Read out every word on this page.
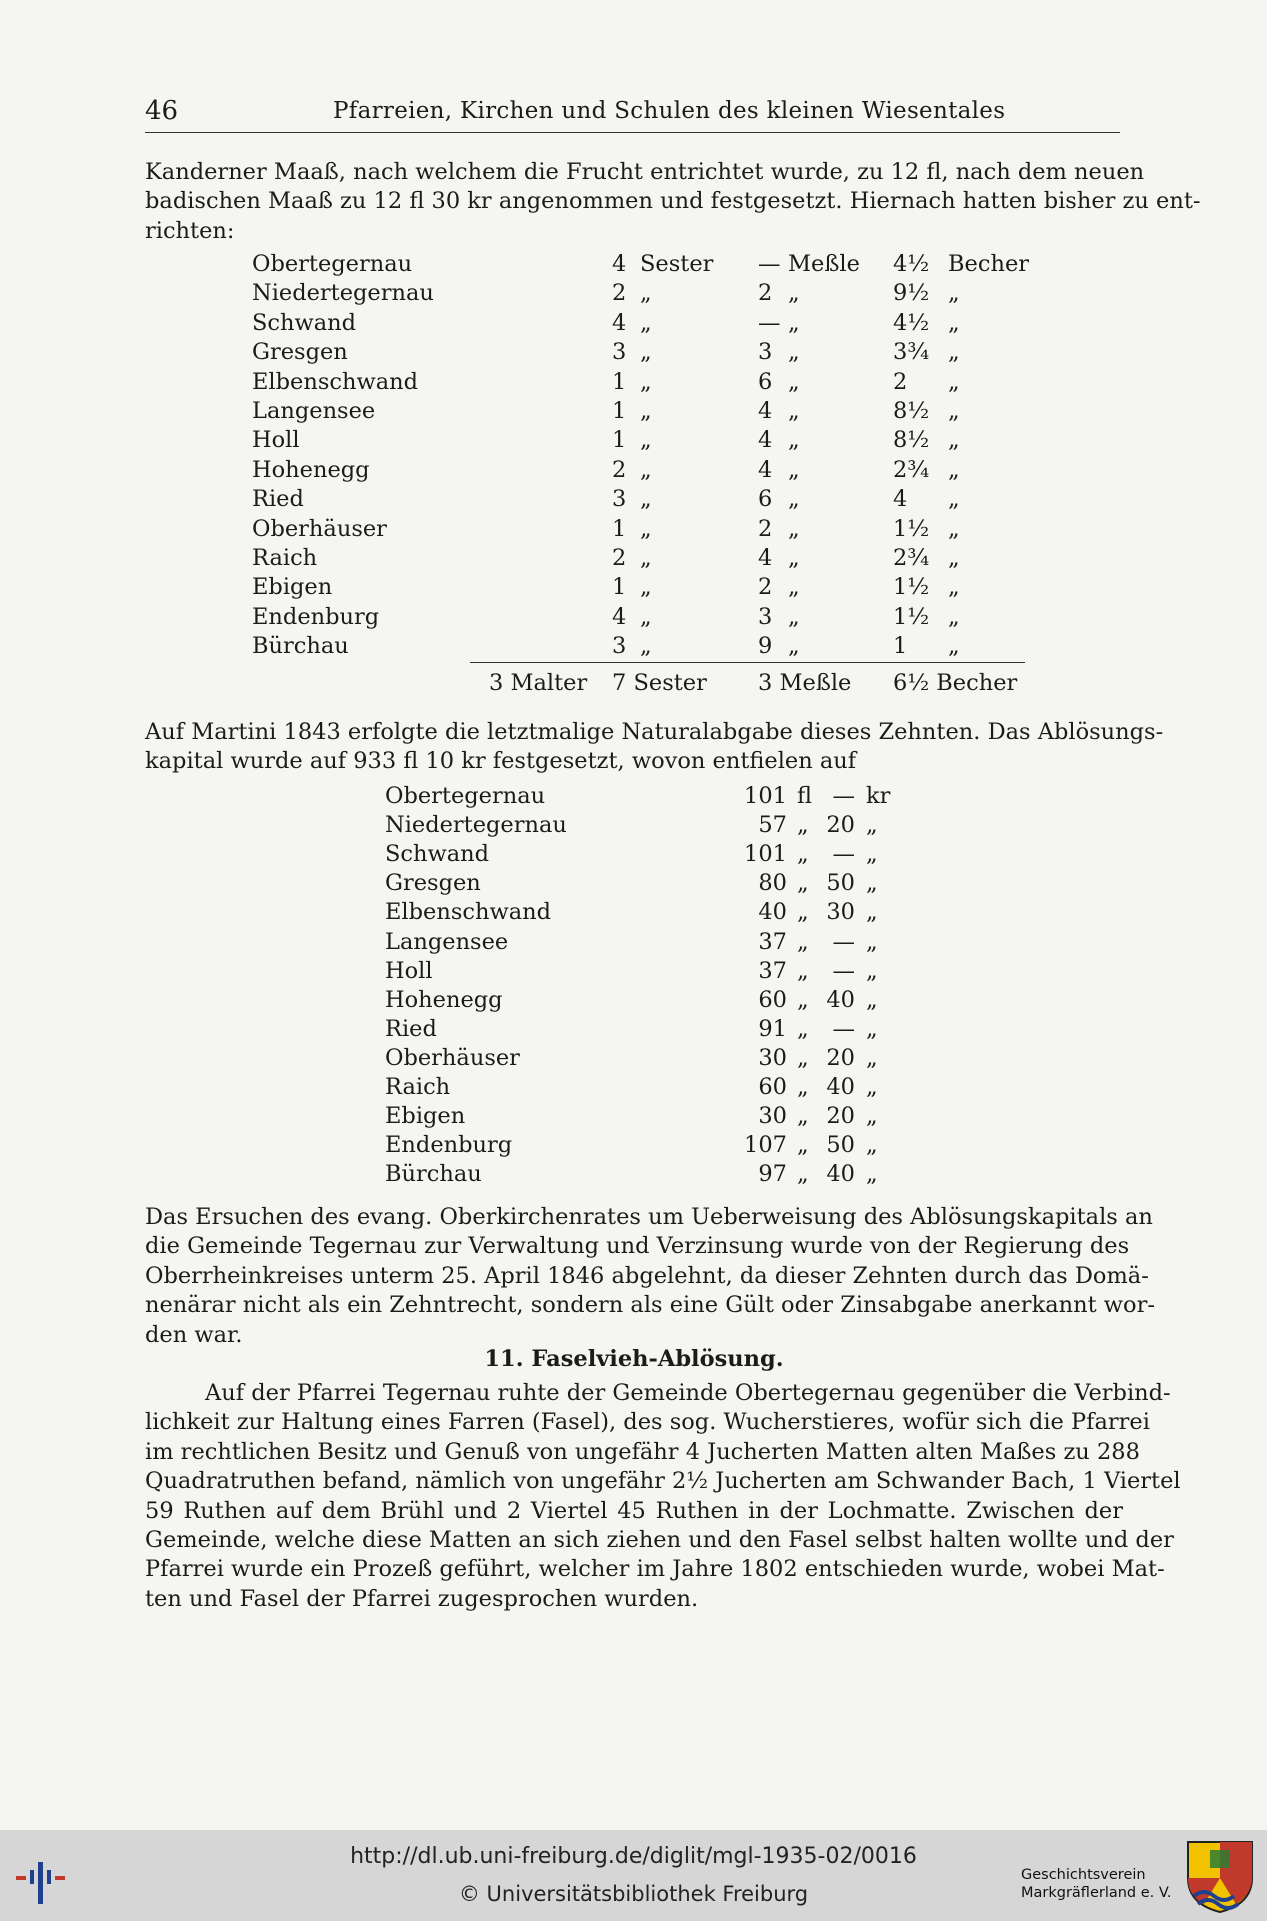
46	Pfarreien, Kirchen und Schulen des kleinen Wiesentales
Kanderner Maaß, nach welchem die Frucht entrichtet wurde, zu 12 fl, nach dem neuen
badischen Maaß zu 12 fl 30 kr angenommen und festgesetzt. Hiernach hatten bisher zu ent-
richten:
Obertegernau	4 Sester — Meßle 4½ Becher
Niedertegernau	2 „	2 „	9½ „
Schwand	4 „	— „	4½ „
Gresgen	3 „	3 „	3¾ „
Elbenschwand	1 „	6 „	2 „
Langensee	1 „	4 „	8½ „
Holl	1 „	4 „	8½ „
Hohenegg	2 „	4 „	2¾ „
Ried	3 „	6 „	4 „
Oberhäuser	1 „	2 „	1½ „
Raich	2 „	4 „	2¾ „
Ebigen	1 „	2 „	1½ „
Endenburg	4 „	3 „	1½ „
Bürchau	3 „	9 „	1 „
3 Malter 7 Sester 3 Meßle 6½ Becher
Auf Martini 1843 erfolgte die letztmalige Naturalabgabe dieses Zehnten. Das Ablösungs-
kapital wurde auf 933 fl 10 kr festgesetzt, wovon entfielen auf
Obertegernau	101 fl — kr
Niedertegernau	57 „ 20 „
Schwand	101 „	— „
Gresgen	80 „ 50 „
Elbenschwand	40 „ 30 „
Langensee	37 „	— „
Holl	37 „	— „
Hohenegg	60 „ 40 „
Ried	91 „	— „
Oberhäuser	30 „ 20 „
Raich	60 „ 40 „
Ebigen	30 „ 20 „
Endenburg	107 „ 50 „
Bürchau	97 „ 40 „
Das Ersuchen des evang. Oberkirchenrates um Ueberweisung des Ablösungskapitals an
die Gemeinde Tegernau zur Verwaltung und Verzinsung wurde von der Regierung des
Oberrheinkreises unterm 25. April 1846 abgelehnt, da dieser Zehnten durch das Domä-
nenärar nicht als ein Zehntrecht, sondern als eine Gült oder Zinsabgabe anerkannt wor-
den war.
11. Faselvieh-Ablösung.
Auf der Pfarrei Tegernau ruhte der Gemeinde Obertegernau gegenüber die Verbind-
lichkeit zur Haltung eines Farren (Fasel), des sog. Wucherstieres, wofür sich die Pfarrei
im rechtlichen Besitz und Genuß von ungefähr 4 Jucherten Matten alten Maßes zu 288
Quadratruthen befand, nämlich von ungefähr 2½ Jucherten am Schwander Bach, 1 Viertel
59 Ruthen auf dem Brühl und 2 Viertel 45 Ruthen in der Lochmatte. Zwischen der
Gemeinde, welche diese Matten an sich ziehen und den Fasel selbst halten wollte und der
Pfarrei wurde ein Prozeß geführt, welcher im Jahre 1802 entschieden wurde, wobei Mat-
ten und Fasel der Pfarrei zugesprochen wurden.
http://dl.ub.uni-freiburg.de/diglit/mgl-1935-02/0016
© Universitätsbibliothek Freiburg
Geschichtsverein
Markgräflerland e. V.
